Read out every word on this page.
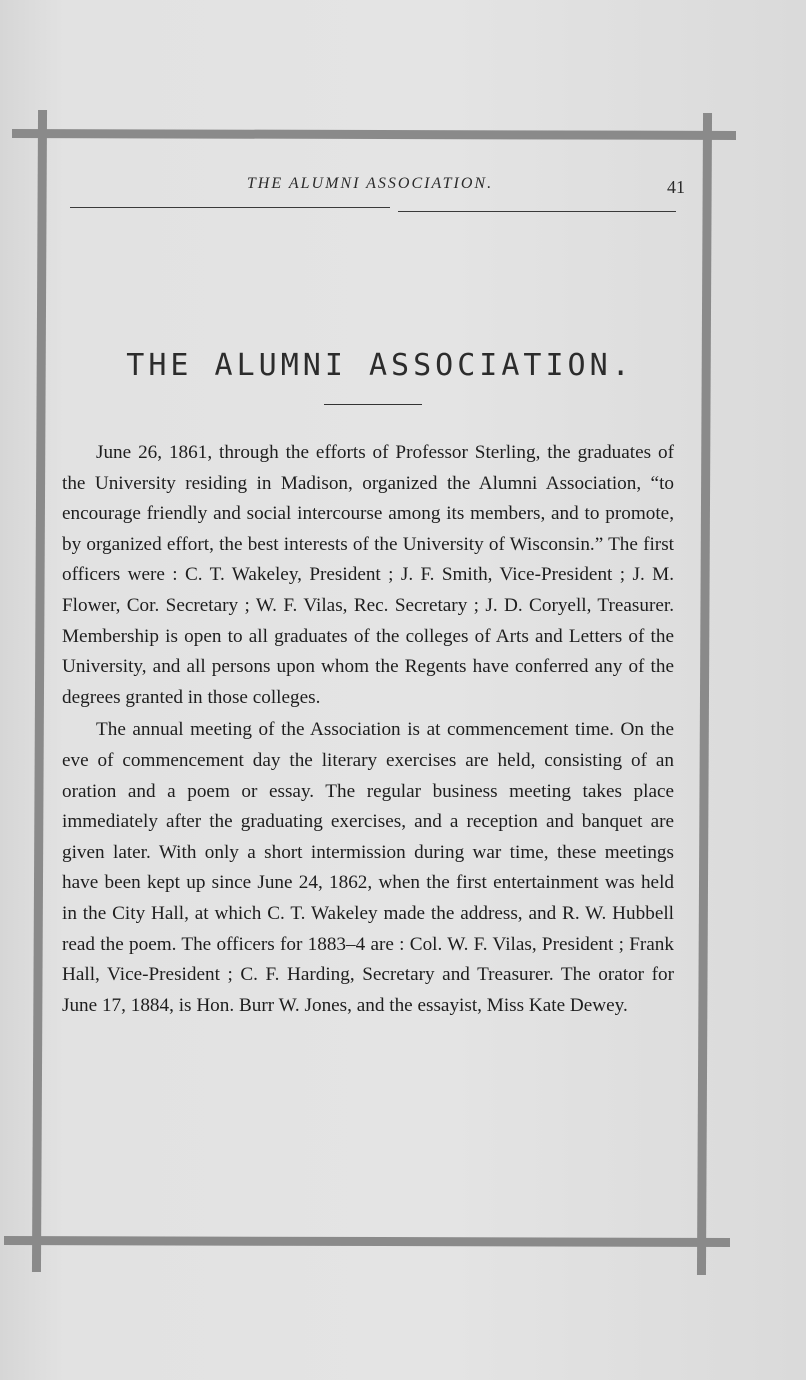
THE ALUMNI ASSOCIATION.	41
THE ALUMNI ASSOCIATION.

June 26, 1861, through the efforts of Professor Sterling, the graduates of the University residing in Madison, organized the Alumni Association, “to encourage friendly and social intercourse among its members, and to promote, by organized effort, the best interests of the University of Wisconsin.” The first officers were : C. T. Wakeley, President ; J. F. Smith, Vice-President ; J. M. Flower, Cor. Secretary ; W. F. Vilas, Rec. Secretary ; J. D. Coryell, Treasurer. Membership is open to all graduates of the colleges of Arts and Letters of the University, and all persons upon whom the Regents have conferred any of the degrees granted in those colleges.

The annual meeting of the Association is at commencement time. On the eve of commencement day the literary exercises are held, consisting of an oration and a poem or essay. The regular business meeting takes place immediately after the graduating exercises, and a reception and banquet are given later. With only a short intermission during war time, these meetings have been kept up since June 24, 1862, when the first entertainment was held in the City Hall, at which C. T. Wakeley made the address, and R. W. Hubbell read the poem. The officers for 1883–4 are : Col. W. F. Vilas, President ; Frank Hall, Vice-President ; C. F. Harding, Secretary and Treasurer. The orator for June 17, 1884, is Hon. Burr W. Jones, and the essayist, Miss Kate Dewey.
